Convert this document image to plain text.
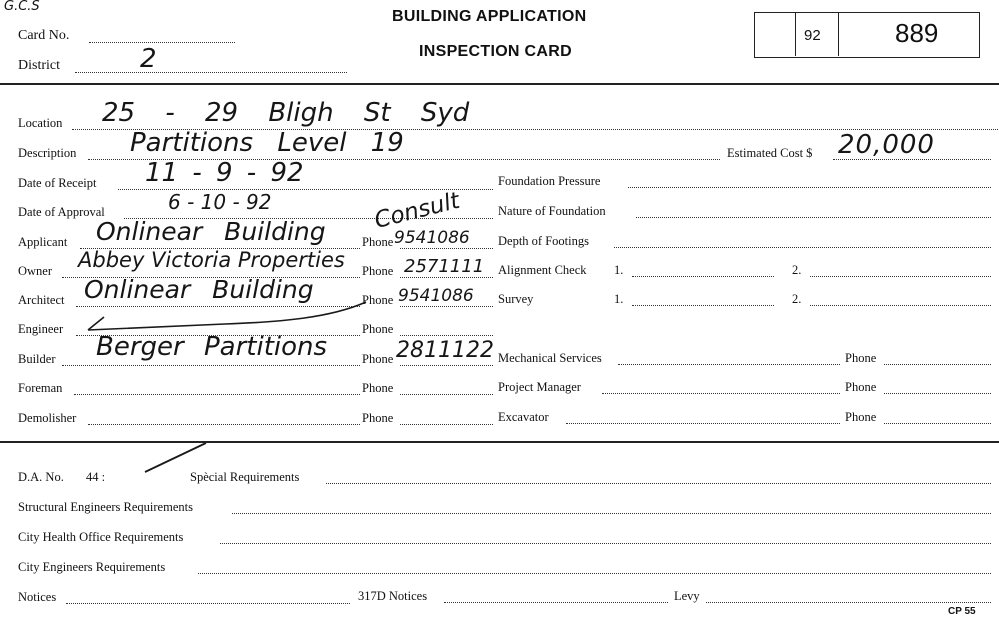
G.C.S
Card No.
District	2
BUILDING APPLICATION
INSPECTION CARD
92	889
Location 25 - 29 Bligh St Syd
Description Partitions Level 19	Estimated Cost $ 20,000
Date of Receipt 11 - 9 - 92	Foundation Pressure
Date of Approval	6 - 10 - 92	Consult	Nature of Foundation
Applicant Onlinear Building	Phone 9541086 Depth of Footings
Owner Abbey Victoria Properties Phone 2571111 Alignment Check 1.	2.
Architect Onlinear Building	Phone 9541086 Survey	1.	2.
Engineer	Phone
Builder Berger Partitions	Phone 2811122 Mechanical Services	Phone
Foreman	Phone	Project Manager	Phone
Demolisher	Phone	Excavator	Phone
D.A. No. 44 :	Spècial Requirements
Structural Engineers Requirements
City Health Office Requirements
City Engineers Requirements
Notices	317D Notices	Levy
CP 55
